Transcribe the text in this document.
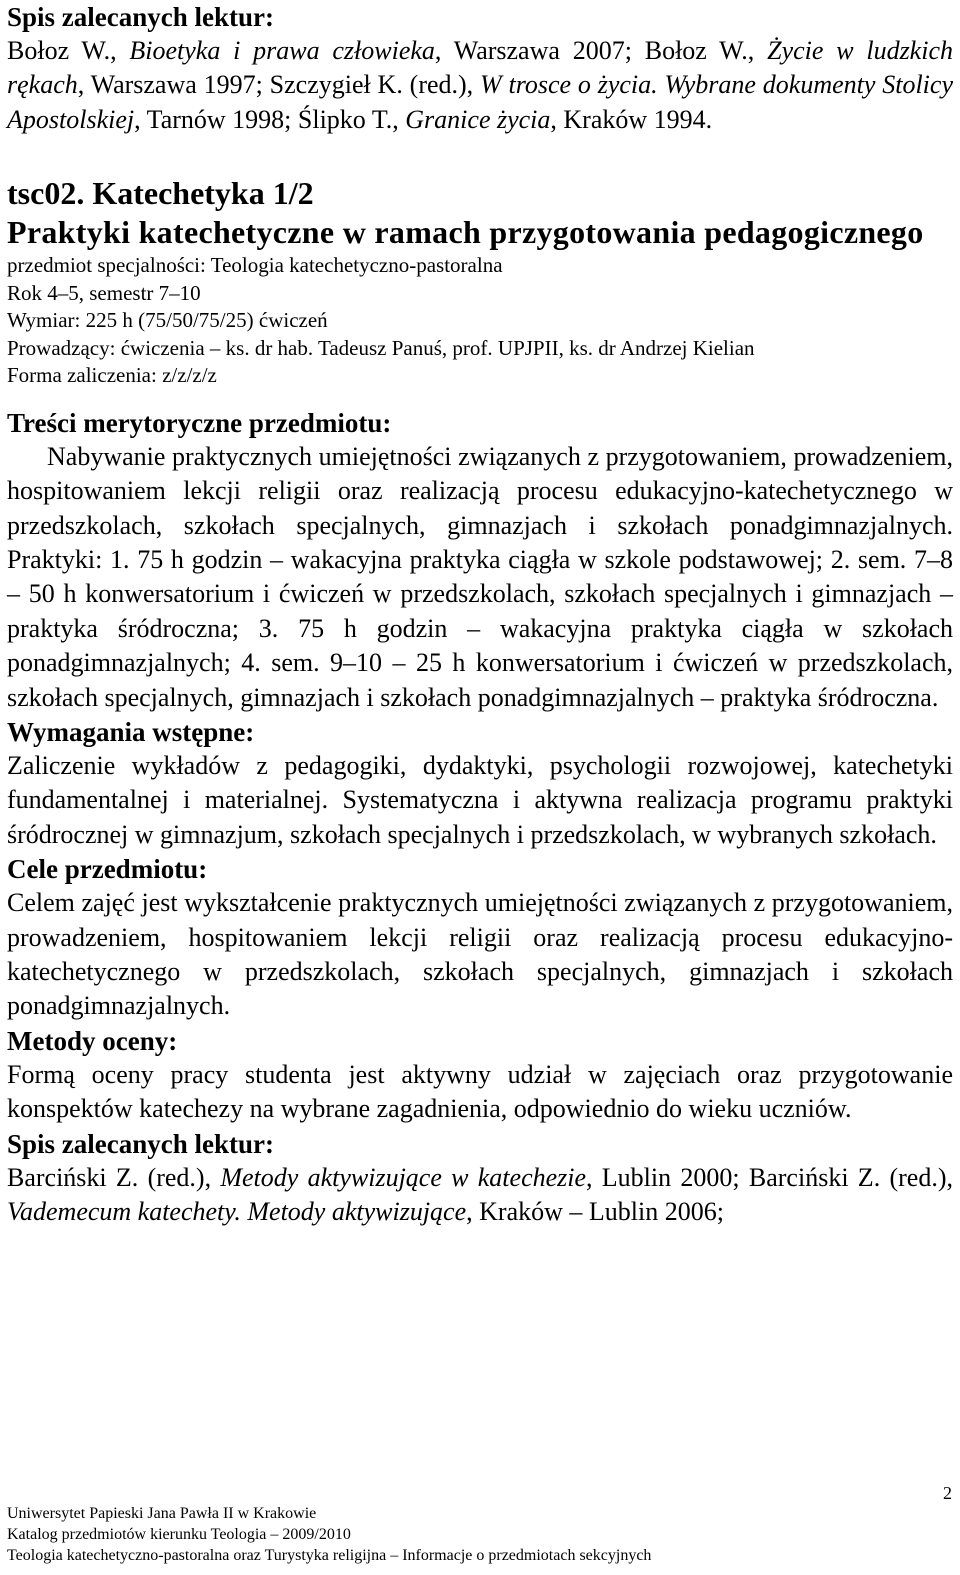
Spis zalecanych lektur:

Bołoz W., Bioetyka i prawa człowieka, Warszawa 2007; Bołoz W., Życie w ludzkich rękach, Warszawa 1997; Szczygieł K. (red.), W trosce o życia. Wybrane dokumenty Stolicy Apostolskiej, Tarnów 1998; Ślipko T., Granice życia, Kraków 1994.

tsc02. Katechetyka 1/2

Praktyki katechetyczne w ramach przygotowania pedagogicznego

przedmiot specjalności: Teologia katechetyczno-pastoralna

Rok 4–5, semestr 7–10

Wymiar: 225 h (75/50/75/25) ćwiczeń

Prowadzący: ćwiczenia – ks. dr hab. Tadeusz Panuś, prof. UPJPII, ks. dr Andrzej Kielian

Forma zaliczenia: z/z/z/z

Treści merytoryczne przedmiotu:

Nabywanie praktycznych umiejętności związanych z przygotowaniem, prowadzeniem, hospitowaniem lekcji religii oraz realizacją procesu edukacyjno-katechetycznego w przedszkolach, szkołach specjalnych, gimnazjach i szkołach ponadgimnazjalnych. Praktyki: 1. 75 h godzin – wakacyjna praktyka ciągła w szkole podstawowej; 2. sem. 7–8 – 50 h konwersatorium i ćwiczeń w przedszkolach, szkołach specjalnych i gimnazjach – praktyka śródroczna; 3. 75 h godzin – wakacyjna praktyka ciągła w szkołach ponadgimnazjalnych; 4. sem. 9–10 – 25 h konwersatorium i ćwiczeń w przedszkolach, szkołach specjalnych, gimnazjach i szkołach ponadgimnazjalnych – praktyka śródroczna.

Wymagania wstępne:

Zaliczenie wykładów z pedagogiki, dydaktyki, psychologii rozwojowej, katechetyki fundamentalnej i materialnej. Systematyczna i aktywna realizacja programu praktyki śródrocznej w gimnazjum, szkołach specjalnych i przedszkolach, w wybranych szkołach.

Cele przedmiotu:

Celem zajęć jest wykształcenie praktycznych umiejętności związanych z przygotowaniem, prowadzeniem, hospitowaniem lekcji religii oraz realizacją procesu edukacyjno-katechetycznego w przedszkolach, szkołach specjalnych, gimnazjach i szkołach ponadgimnazjalnych.

Metody oceny:

Formą oceny pracy studenta jest aktywny udział w zajęciach oraz przygotowanie konspektów katechezy na wybrane zagadnienia, odpowiednio do wieku uczniów.

Spis zalecanych lektur:

Barciński Z. (red.), Metody aktywizujące w katechezie, Lublin 2000; Barciński Z. (red.), Vademecum katechety. Metody aktywizujące, Kraków – Lublin 2006;

2

Uniwersytet Papieski Jana Pawła II w Krakowie

Katalog przedmiotów kierunku Teologia – 2009/2010

Teologia katechetyczno-pastoralna oraz Turystyka religijna – Informacje o przedmiotach sekcyjnych
